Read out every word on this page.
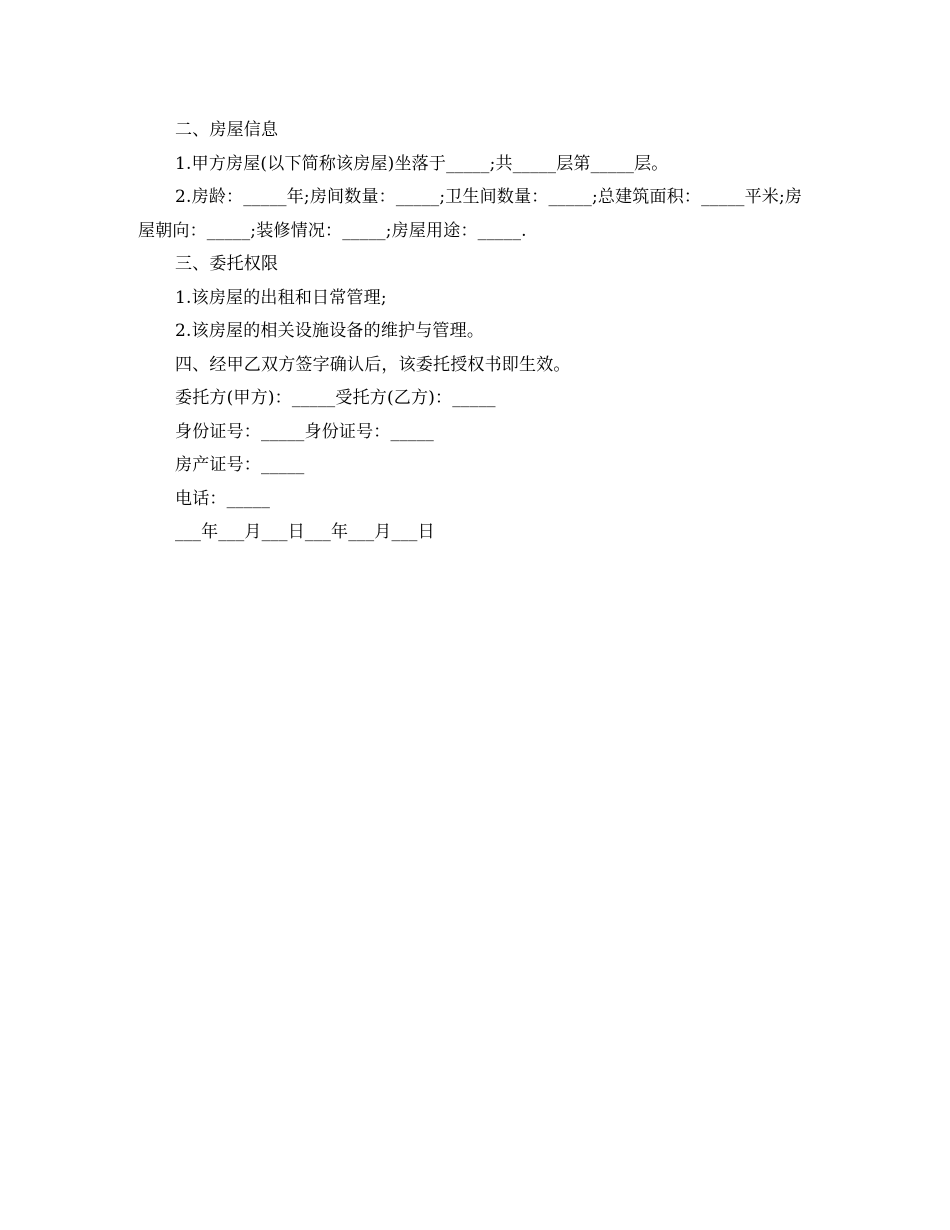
二、房屋信息

1.甲方房屋(以下简称该房屋)坐落于_____;共_____层第_____层。

2.房龄：_____年;房间数量：_____;卫生间数量：_____;总建筑面积：_____平米;房屋朝向：_____;装修情况：_____;房屋用途：_____.

三、委托权限

1.该房屋的出租和日常管理;

2.该房屋的相关设施设备的维护与管理。

四、经甲乙双方签字确认后，该委托授权书即生效。

委托方(甲方)：_____受托方(乙方)：_____

身份证号：_____身份证号：_____

房产证号：_____

电话：_____

___年___月___日___年___月___日
